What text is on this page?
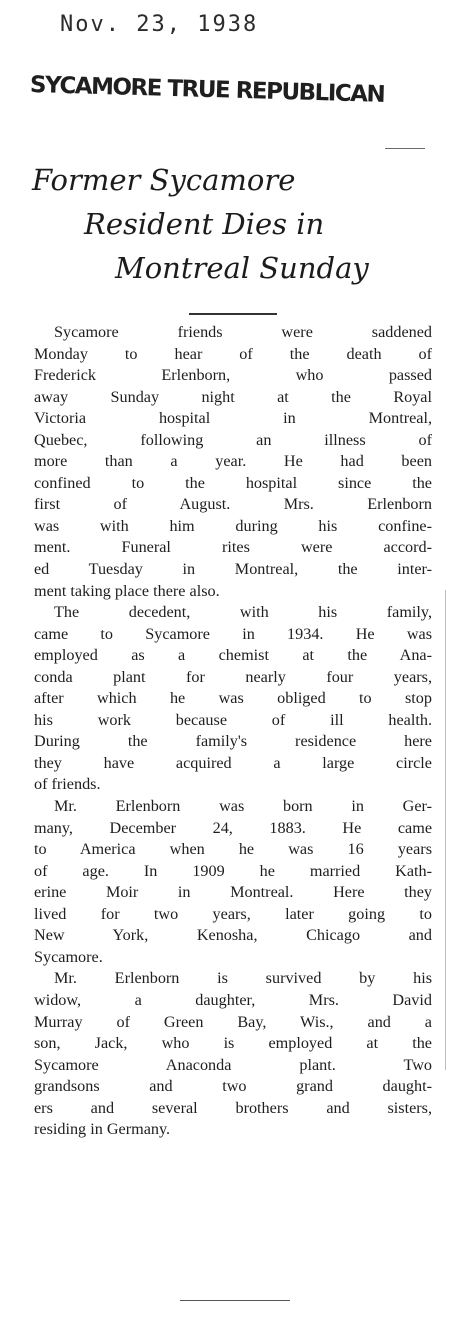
Nov. 23, 1938
SYCAMORE TRUE REPUBLICAN
Former Sycamore
Resident Dies in
Montreal Sunday
Sycamore friends were saddened
Monday to hear of the death of
Frederick Erlenborn, who passed
away Sunday night at the Royal
Victoria hospital in Montreal,
Quebec, following an illness of
more than a year. He had been
confined to the hospital since the
first of August. Mrs. Erlenborn
was with him during his confine-
ment. Funeral rites were accord-
ed Tuesday in Montreal, the inter-
ment taking place there also.
The decedent, with his family,
came to Sycamore in 1934. He was
employed as a chemist at the Ana-
conda plant for nearly four years,
after which he was obliged to stop
his work because of ill health.
During the family's residence here
they have acquired a large circle
of friends.
Mr. Erlenborn was born in Ger-
many, December 24, 1883. He came
to America when he was 16 years
of age. In 1909 he married Kath-
erine Moir in Montreal. Here they
lived for two years, later going to
New York, Kenosha, Chicago and
Sycamore.
Mr. Erlenborn is survived by his
widow, a daughter, Mrs. David
Murray of Green Bay, Wis., and a
son, Jack, who is employed at the
Sycamore Anaconda plant. Two
grandsons and two grand daught-
ers and several brothers and sisters,
residing in Germany.
